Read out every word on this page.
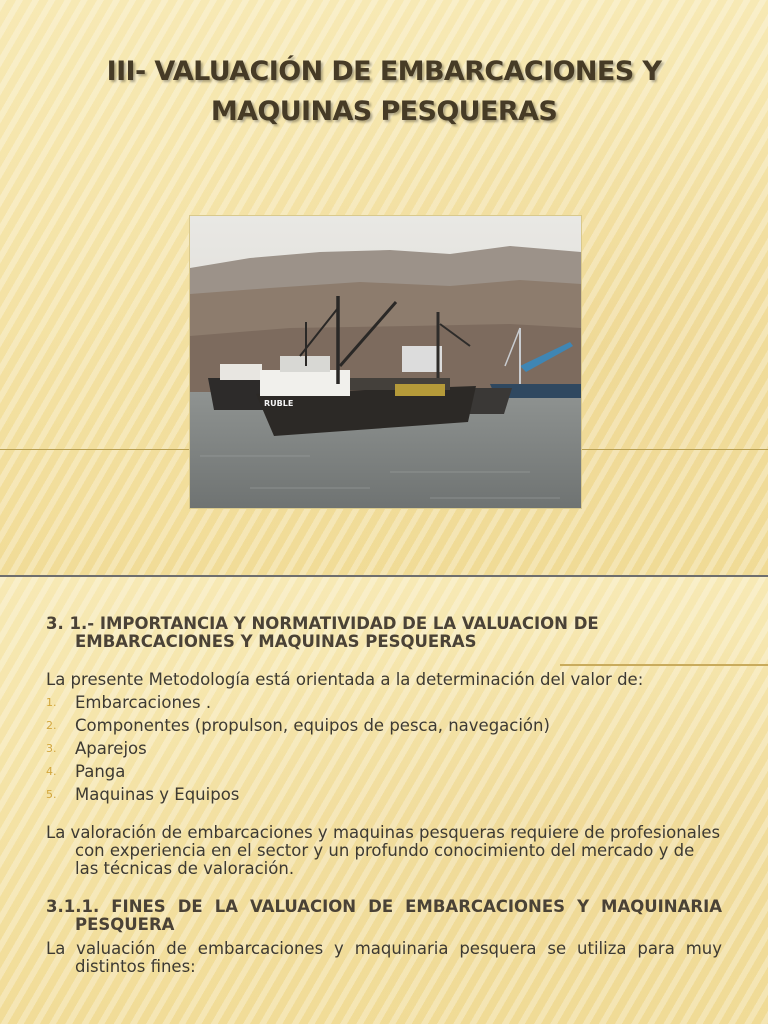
III- VALUACIÓN DE EMBARCACIONES Y
MAQUINAS PESQUERAS
RUBLE

3. 1.- IMPORTANCIA Y NORMATIVIDAD DE LA VALUACION DE EMBARCACIONES Y MAQUINAS PESQUERAS

La presente Metodología está orientada a la determinación del valor de:

1. Embarcaciones .
2. Componentes (propulson, equipos de pesca, navegación)
3. Aparejos
4. Panga
5. Maquinas y Equipos

La valoración de embarcaciones y maquinas pesqueras requiere de profesionales con experiencia en el sector y un profundo conocimiento del mercado y de las técnicas de valoración.

3.1.1. FINES DE LA VALUACION DE EMBARCACIONES Y MAQUINARIA PESQUERA

La valuación de embarcaciones y maquinaria pesquera se utiliza para muy distintos fines:
